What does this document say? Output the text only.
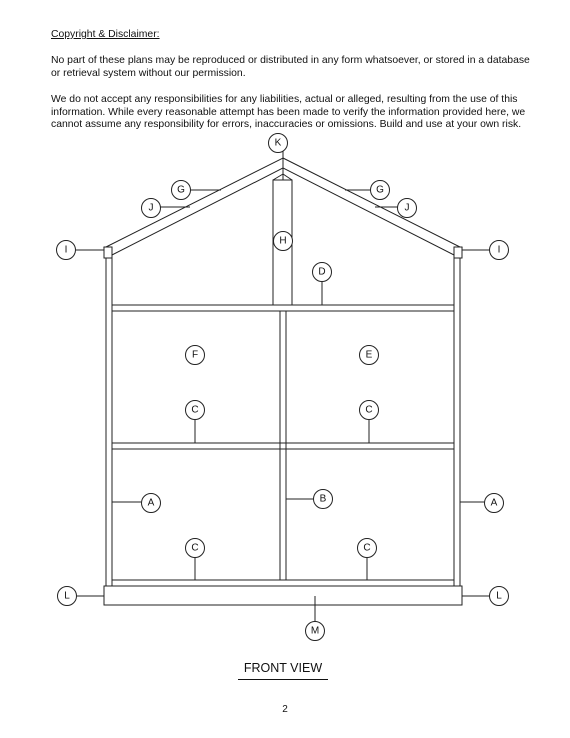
Copyright & Disclaimer:
No part of these plans may be reproduced or distributed in any form whatsoever, or stored in a database or retrieval system without our permission.
We do not accept any responsibilities for any liabilities, actual or alleged, resulting from the use of this information. While every reasonable attempt has been made to verify the information provided here, we cannot assume any responsibility for errors, inaccuracies or omissions. Build and use at your own risk.
K
G	G
J	J
I	I
H
D
F	E
C	C
A	B	A
C	C
L	L
M
FRONT VIEW
2
